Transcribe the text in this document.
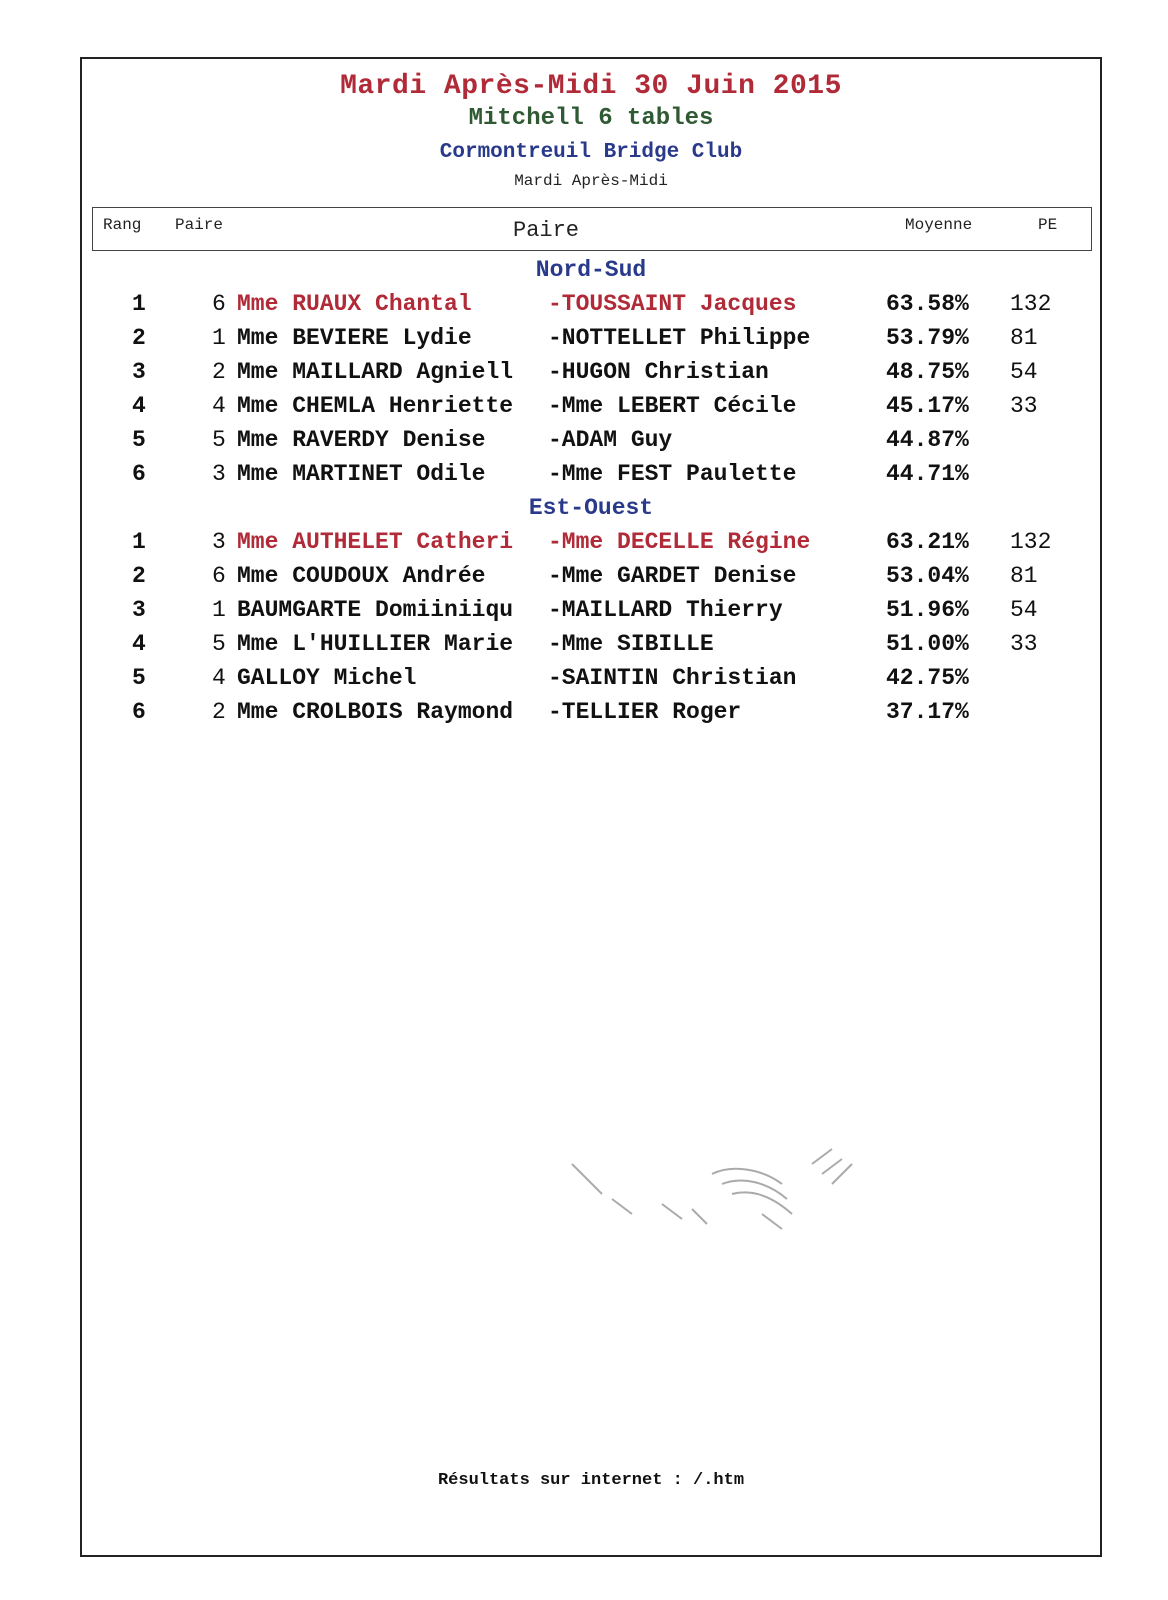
Mardi Après-Midi 30 Juin 2015
Mitchell 6 tables
Cormontreuil Bridge Club
Mardi Après-Midi
Rang Paire	Paire	Moyenne	PE
Nord-Sud
1	6 Mme RUAUX Chantal	-TOUSSAINT Jacques	63.58% 132
2	1 Mme BEVIERE Lydie	-NOTTELLET Philippe	53.79% 81
3	2 Mme MAILLARD Agniell -HUGON Christian	48.75% 54
4	4 Mme CHEMLA Henriette -Mme LEBERT Cécile	45.17% 33
5	5 Mme RAVERDY Denise	-ADAM Guy	44.87%
6	3 Mme MARTINET Odile	-Mme FEST Paulette	44.71%
Est-Ouest
1	3 Mme AUTHELET Catheri -Mme DECELLE Régine	63.21% 132
2	6 Mme COUDOUX Andrée	-Mme GARDET Denise	53.04% 81
3	1 BAUMGARTE Domiiniiqu -MAILLARD Thierry	51.96% 54
4	5 Mme L'HUILLIER Marie -Mme SIBILLE	51.00% 33
5	4 GALLOY Michel	-SAINTIN Christian	42.75%
6	2 Mme CROLBOIS Raymond -TELLIER Roger	37.17%
Résultats sur internet : /.htm
